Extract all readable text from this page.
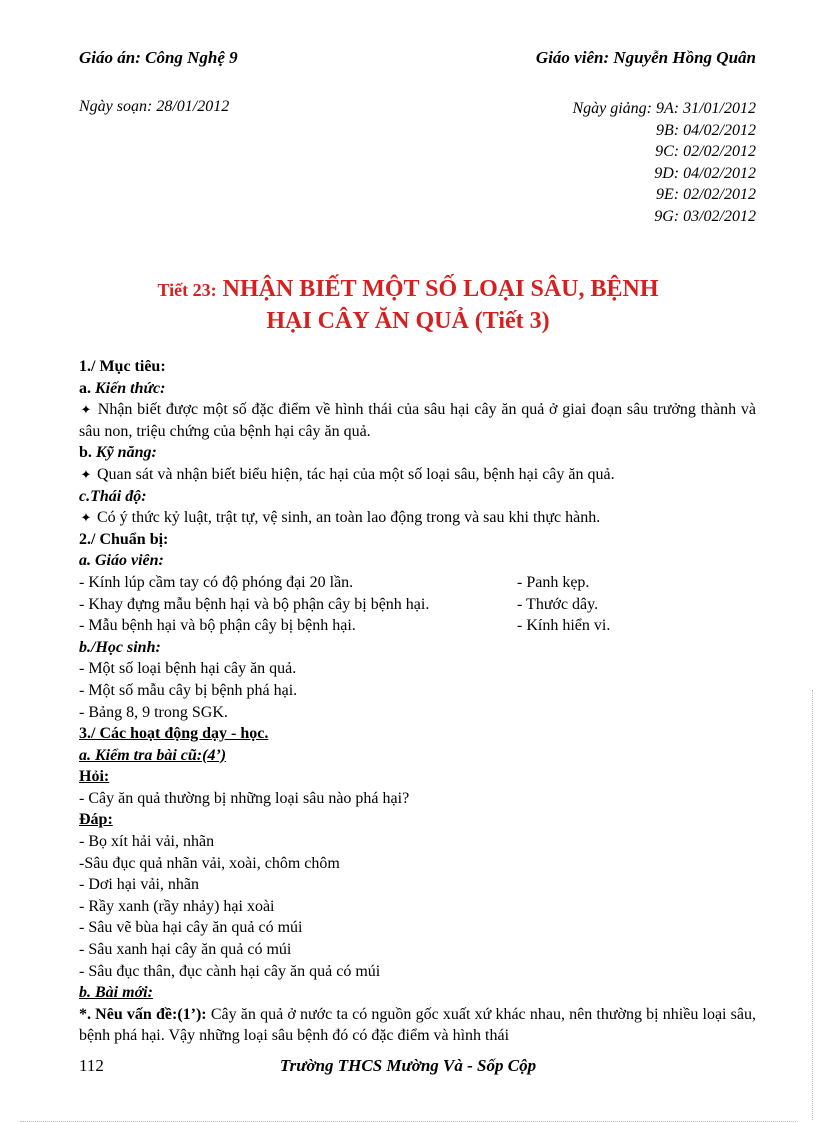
Giáo án: Công Nghệ 9	Giáo viên: Nguyễn Hồng Quân
Ngày soạn: 28/01/2012	Ngày giảng: 9A: 31/01/2012
9B: 04/02/2012
9C: 02/02/2012
9D: 04/02/2012
9E: 02/02/2012
9G: 03/02/2012
Tiết 23: NHẬN BIẾT MỘT SỐ LOẠI SÂU, BỆNH
HẠI CÂY ĂN QUẢ (Tiết 3)
1./ Mục tiêu:
a. Kiến thức:
✦ Nhận biết được một số đặc điểm về hình thái của sâu hại cây ăn quả ở giai đoạn sâu trưởng thành và sâu non, triệu chứng của bệnh hại cây ăn quả.
b. Kỹ năng:
✦ Quan sát và nhận biết biểu hiện, tác hại của một số loại sâu, bệnh hại cây ăn quả.
c.Thái độ:
✦ Có ý thức kỷ luật, trật tự, vệ sinh, an toàn lao động trong và sau khi thực hành.
2./ Chuẩn bị:
a. Giáo viên:
- Kính lúp cầm tay có độ phóng đại 20 lần.	- Panh kẹp.
- Khay đựng mẫu bệnh hại và bộ phận cây bị bệnh hại.	- Thước dây.
- Mẫu bệnh hại và bộ phận cây bị bệnh hại.	- Kính hiển vi.
b./Học sinh:
- Một số loại bệnh hại cây ăn quả.
- Một số mẫu cây bị bệnh phá hại.
- Bảng 8, 9 trong SGK.
3./ Các hoạt động dạy - học.
a. Kiểm tra bài cũ:(4’)
Hỏi:
- Cây ăn quả thường bị những loại sâu nào phá hại?
Đáp:
- Bọ xít hải vải, nhãn
-Sâu đục quả nhãn vải, xoài, chôm chôm
- Dơi hại vải, nhãn
- Rầy xanh (rầy nhảy) hại xoài
- Sâu vẽ bùa hại cây ăn quả có múi
- Sâu xanh hại cây ăn quả có múi
- Sâu đục thân, đục cành hại cây ăn quả có múi
b. Bài mới:
*. Nêu vấn đề:(1’): Cây ăn quả ở nước ta có nguồn gốc xuất xứ khác nhau, nên thường bị nhiều loại sâu, bệnh phá hại. Vậy những loại sâu bệnh đó có đặc điểm và hình thái
112	Trường THCS Mường Và - Sốp Cộp
